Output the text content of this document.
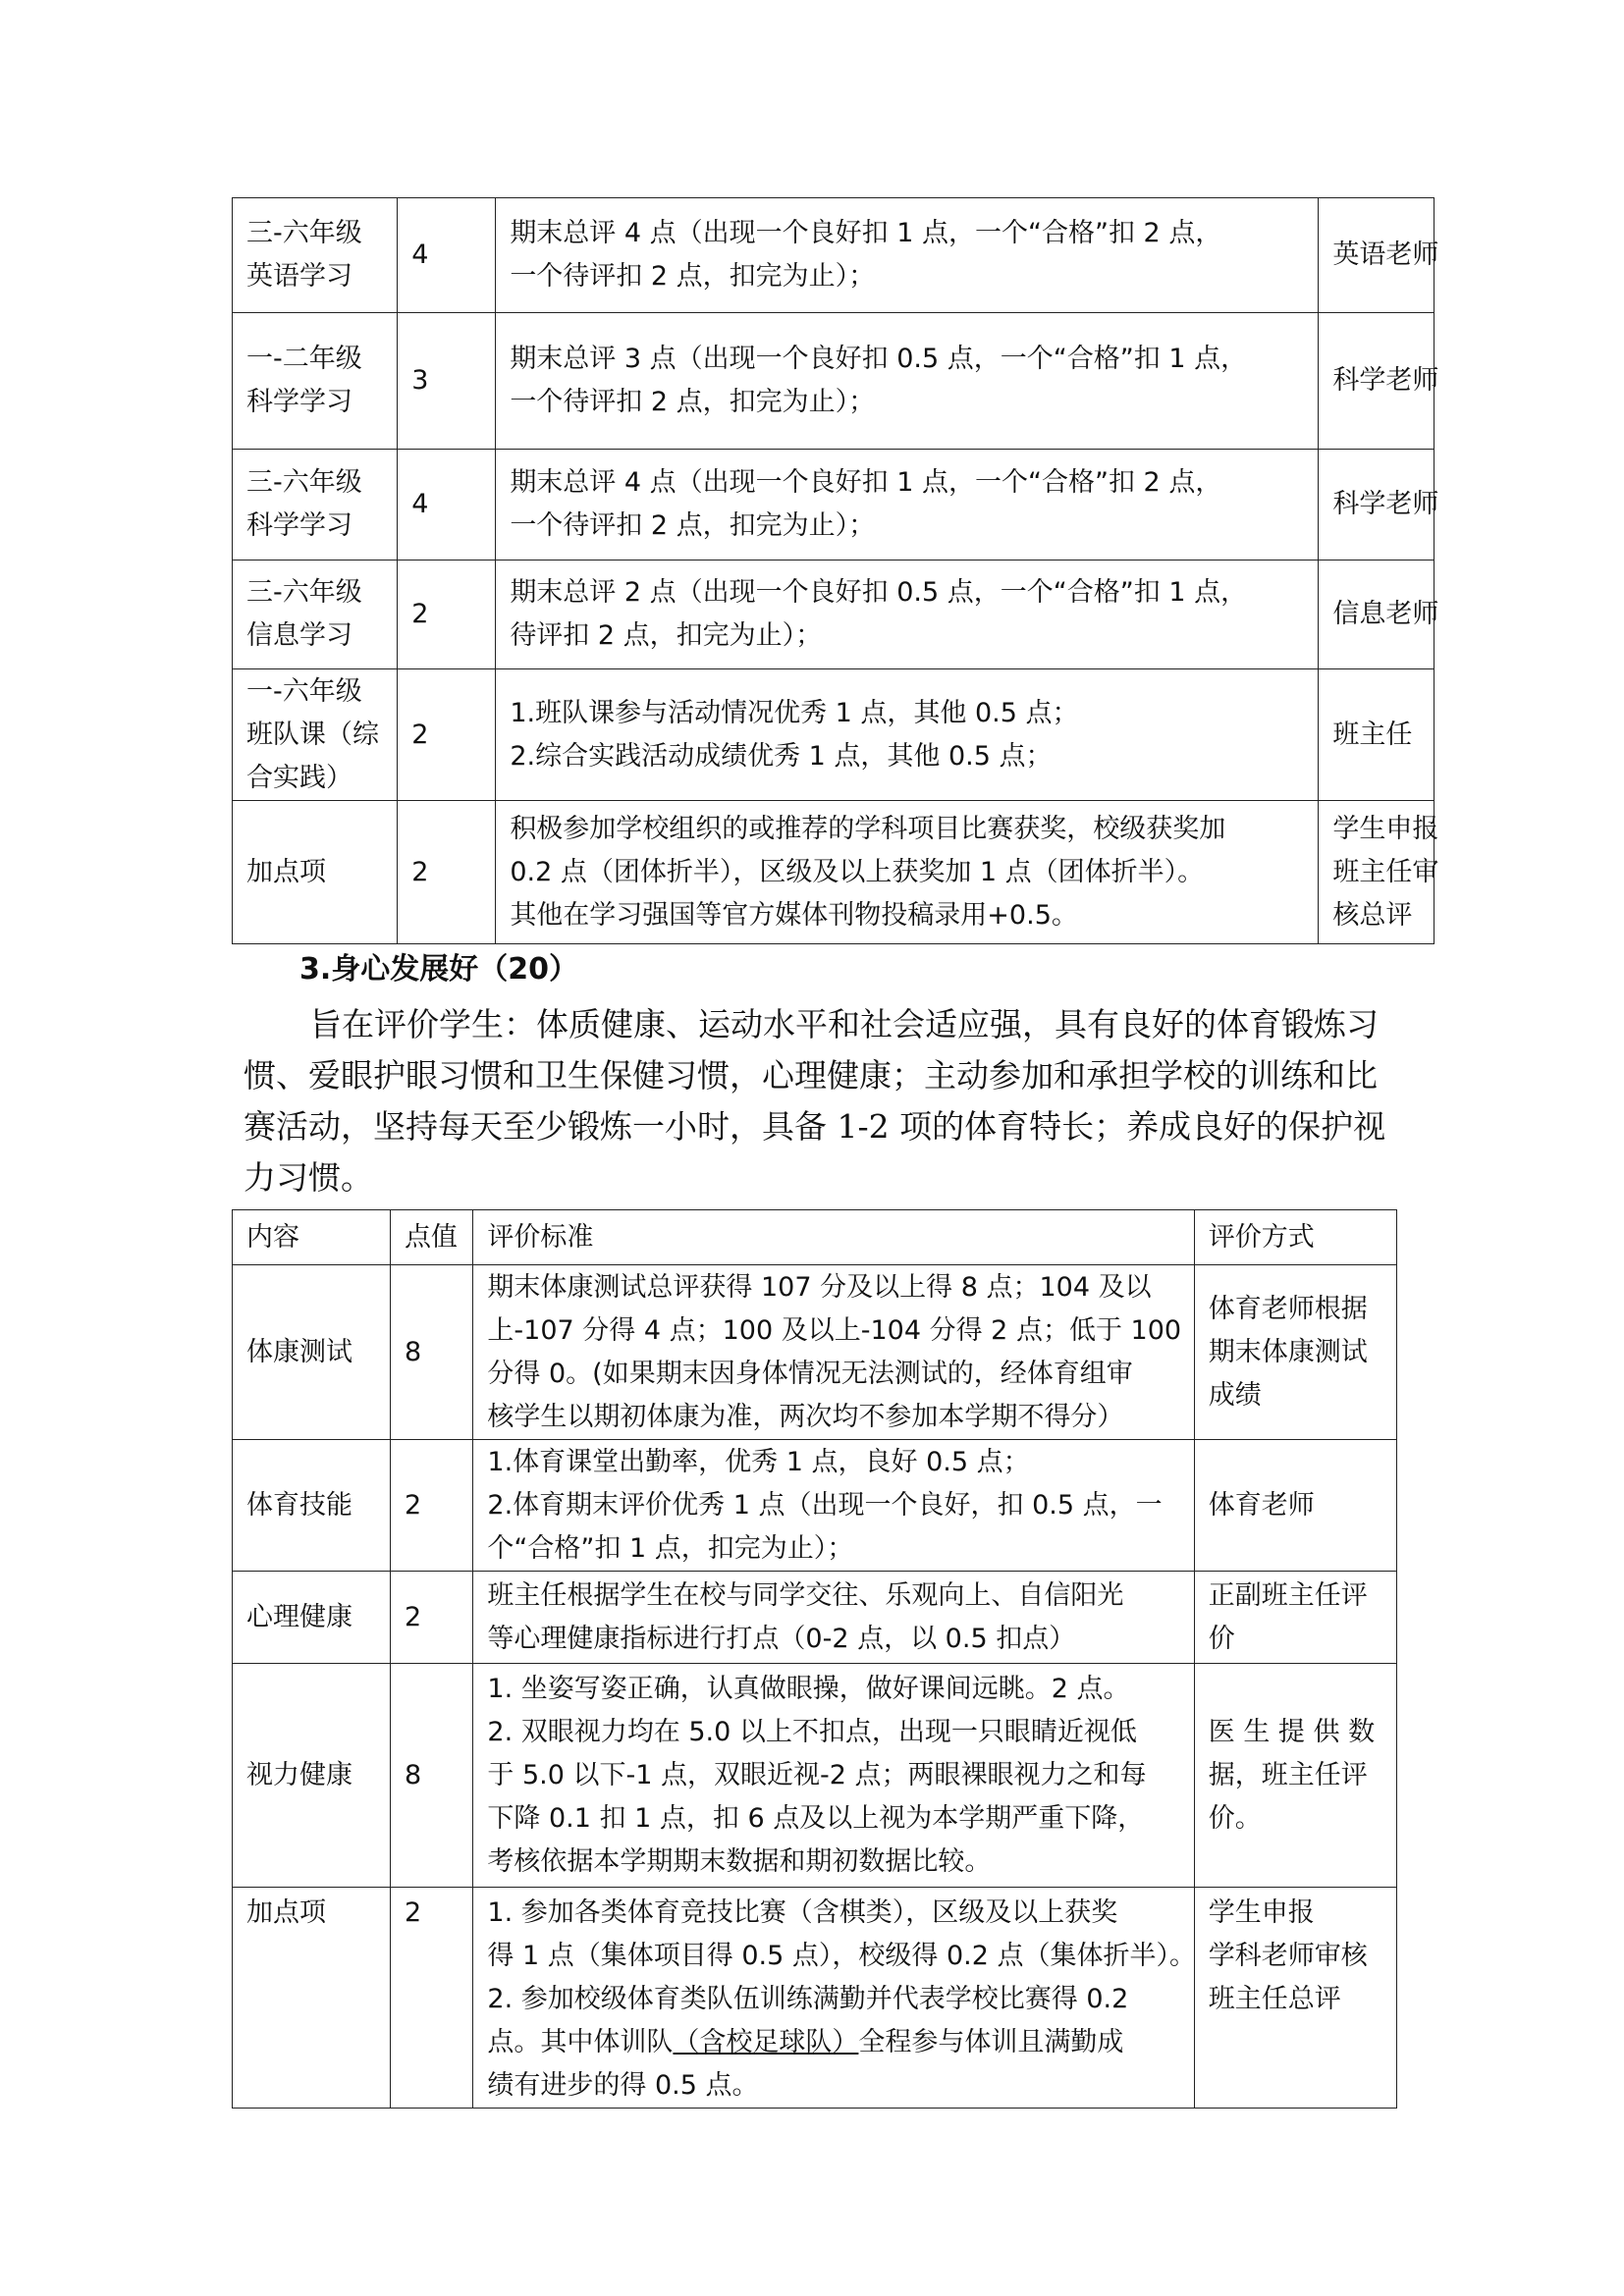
三-六年级
英语学习	4	期末总评 4 点（出现一个良好扣 1 点，一个“合格”扣 2 点，
一个待评扣 2 点，扣完为止）；	英语老师

一-二年级
科学学习	3	期末总评 3 点（出现一个良好扣 0.5 点，一个“合格”扣 1 点，
一个待评扣 2 点，扣完为止）；	科学老师

三-六年级
科学学习	4	期末总评 4 点（出现一个良好扣 1 点，一个“合格”扣 2 点，
一个待评扣 2 点，扣完为止）；	科学老师

三-六年级
信息学习	2	期末总评 2 点（出现一个良好扣 0.5 点，一个“合格”扣 1 点，
待评扣 2 点，扣完为止）；	信息老师

一-六年级
班队课（综
合实践）	2	1.班队课参与活动情况优秀 1 点，其他 0.5 点；
2.综合实践活动成绩优秀 1 点，其他 0.5 点；	班主任

加点项	2	积极参加学校组织的或推荐的学科项目比赛获奖，校级获奖加
0.2 点（团体折半），区级及以上获奖加 1 点（团体折半）。
其他在学习强国等官方媒体刊物投稿录用+0.5。	学生申报
班主任审
核总评
3.身心发展好（20）
旨在评价学生：体质健康、运动水平和社会适应强，具有良好的体育锻炼习
惯、爱眼护眼习惯和卫生保健习惯，心理健康；主动参加和承担学校的训练和比
赛活动，坚持每天至少锻炼一小时，具备 1-2 项的体育特长；养成良好的保护视
力习惯。
内容	点值	评价标准	评价方式
体康测试	8	期末体康测试总评获得 107 分及以上得 8 点；104 及以
上-107 分得 4 点；100 及以上-104 分得 2 点；低于 100
分得 0。(如果期末因身体情况无法测试的，经体育组审
核学生以期初体康为准，两次均不参加本学期不得分）	体育老师根据
期末体康测试
成绩

体育技能	2	1.体育课堂出勤率，优秀 1 点，良好 0.5 点；
2.体育期末评价优秀 1 点（出现一个良好，扣 0.5 点，一
个“合格”扣 1 点，扣完为止）；	体育老师

心理健康	2	班主任根据学生在校与同学交往、乐观向上、自信阳光
等心理健康指标进行打点（0-2 点，以 0.5 扣点）	正副班主任评
价

视力健康	8	1. 坐姿写姿正确，认真做眼操，做好课间远眺。2 点。
2. 双眼视力均在 5.0 以上不扣点，出现一只眼睛近视低
于 5.0 以下-1 点，双眼近视-2 点；两眼裸眼视力之和每
下降 0.1 扣 1 点，扣 6 点及以上视为本学期严重下降，
考核依据本学期期末数据和期初数据比较。	医 生 提 供 数
据，班主任评
价。

加点项	2	1. 参加各类体育竞技比赛（含棋类），区级及以上获奖
得 1 点（集体项目得 0.5 点），校级得 0.2 点（集体折半）。
2. 参加校级体育类队伍训练满勤并代表学校比赛得 0.2
点。其中体训队（含校足球队）全程参与体训且满勤成
绩有进步的得 0.5 点。	学生申报
学科老师审核
班主任总评
